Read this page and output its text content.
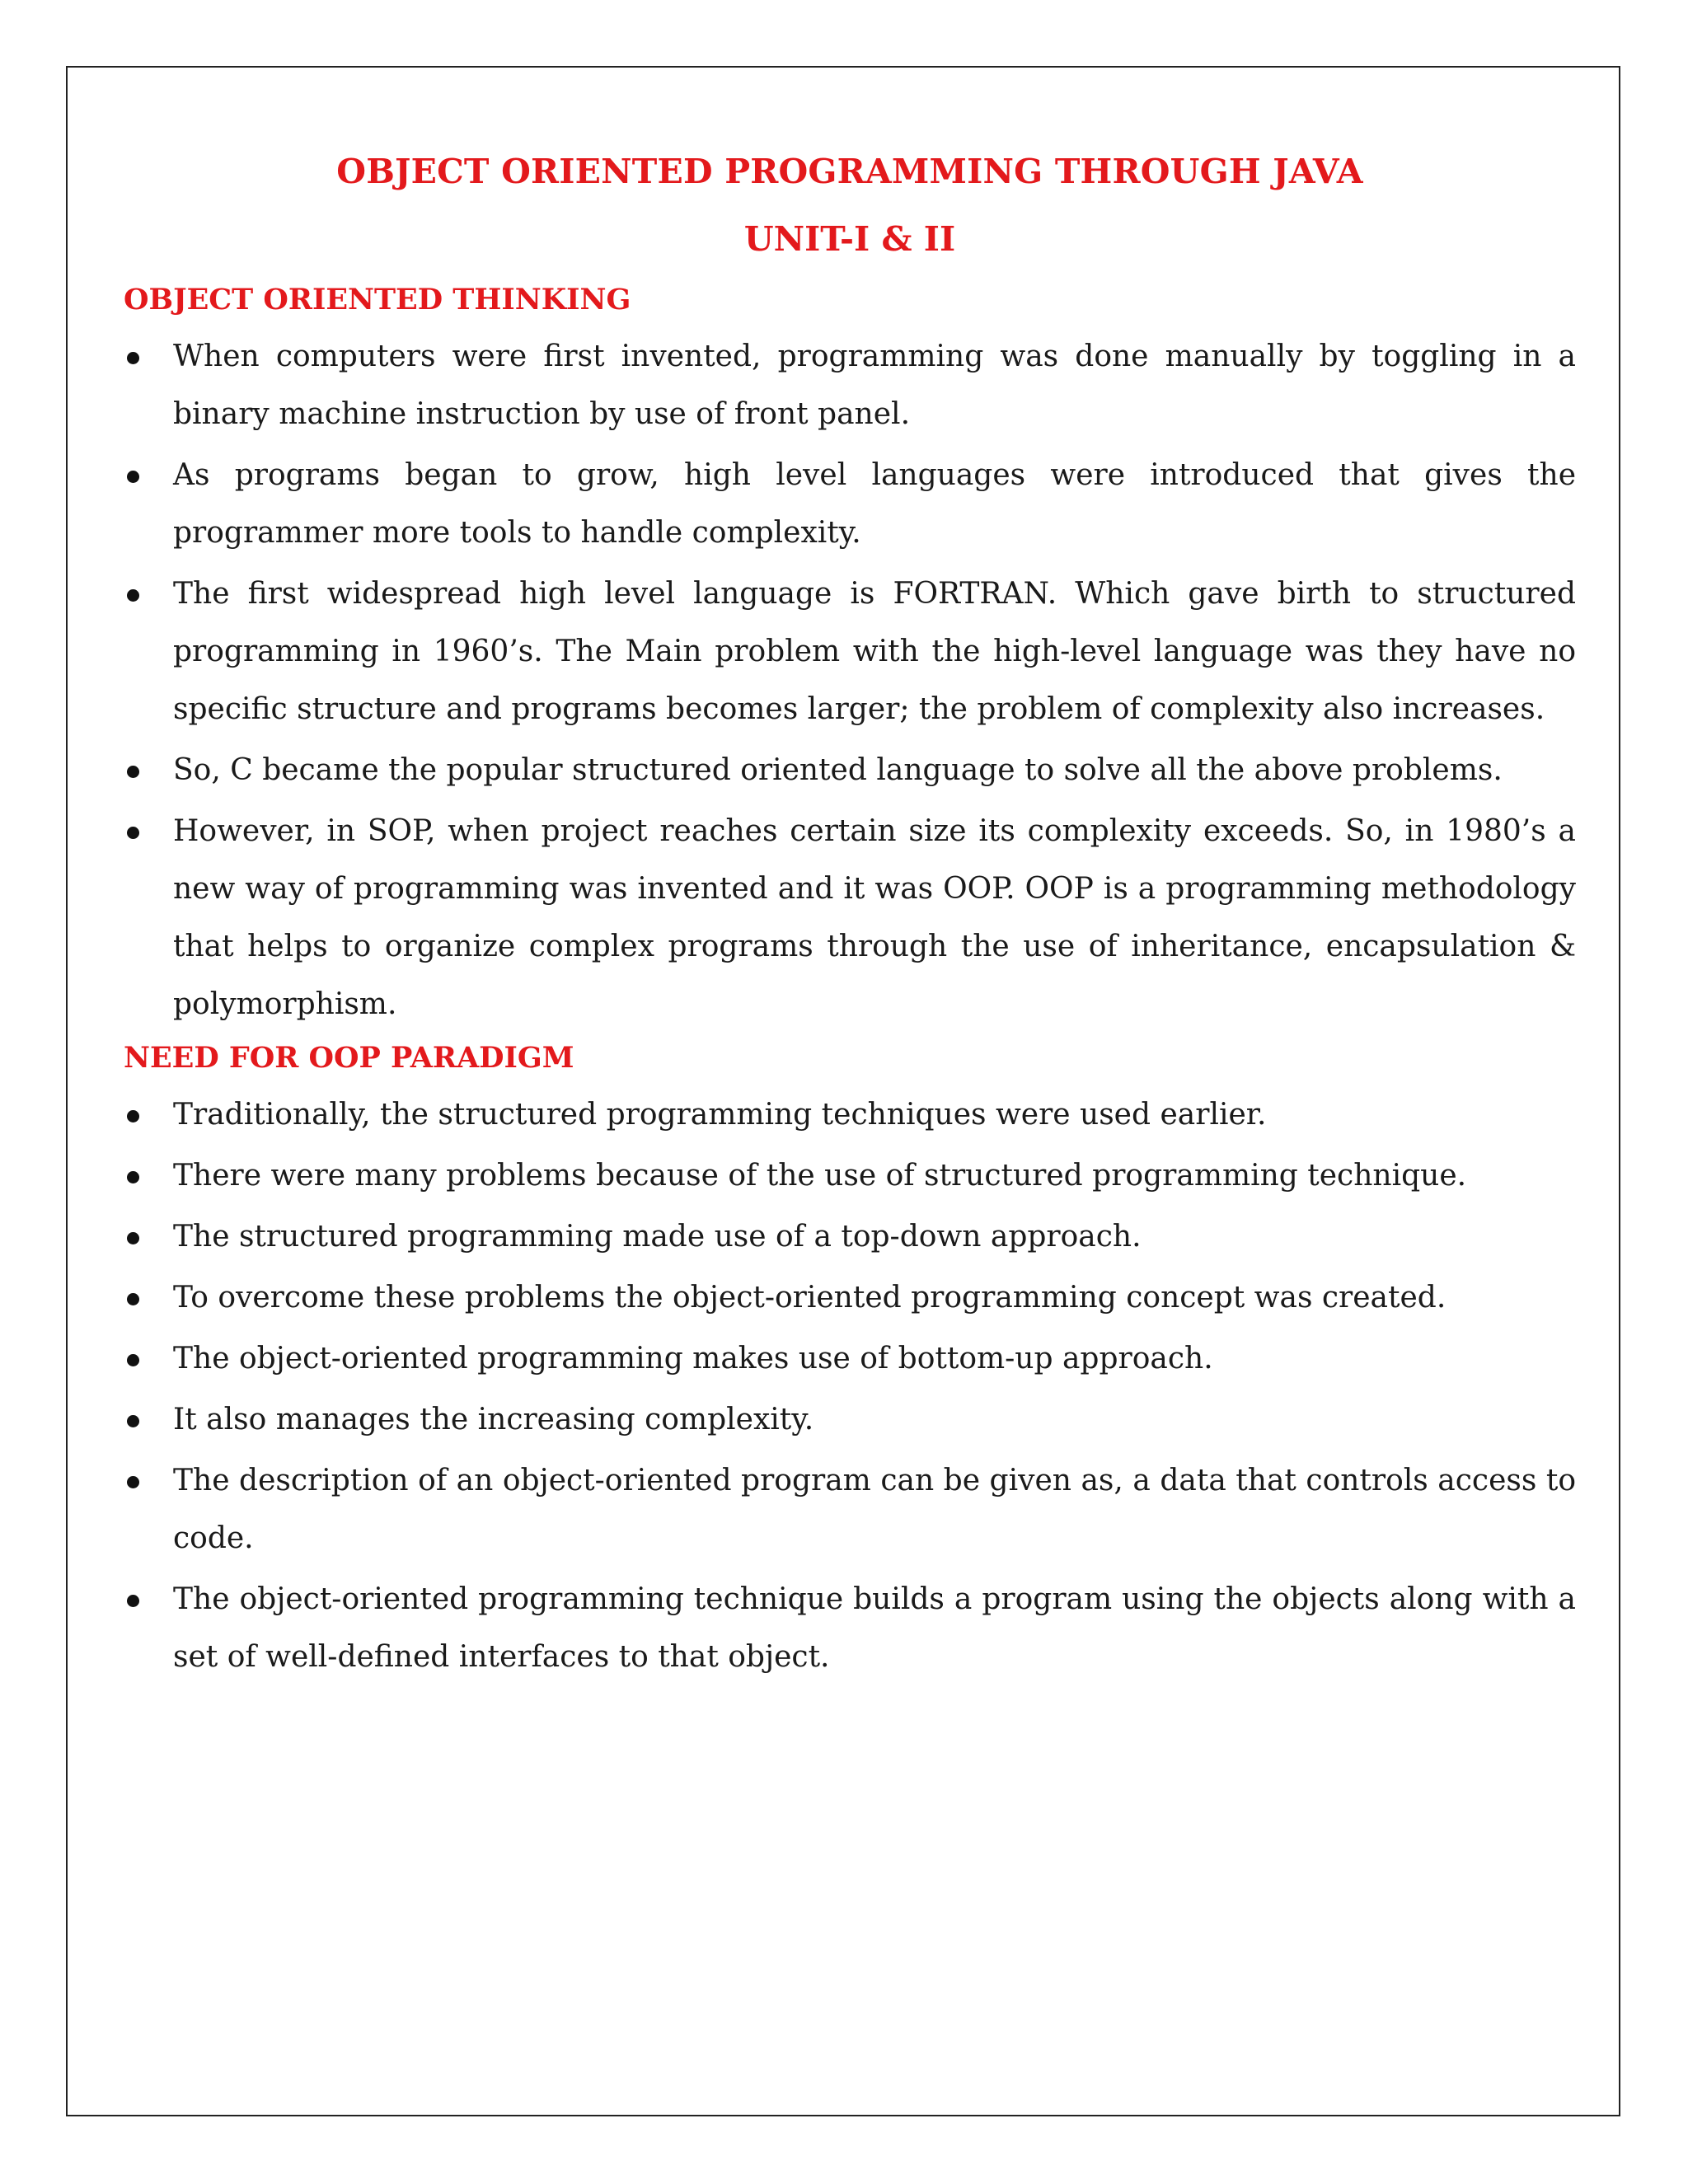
OBJECT ORIENTED PROGRAMMING THROUGH JAVA
UNIT-I & II
OBJECT ORIENTED THINKING
When computers were first invented, programming was done manually by toggling in a binary machine instruction by use of front panel.
As programs began to grow, high level languages were introduced that gives the programmer more tools to handle complexity.
The first widespread high level language is FORTRAN. Which gave birth to structured programming in 1960’s. The Main problem with the high-level language was they have no specific structure and programs becomes larger; the problem of complexity also increases.
So, C became the popular structured oriented language to solve all the above problems.
However, in SOP, when project reaches certain size its complexity exceeds. So, in 1980’s a new way of programming was invented and it was OOP. OOP is a programming methodology that helps to organize complex programs through the use of inheritance, encapsulation & polymorphism.
NEED FOR OOP PARADIGM
Traditionally, the structured programming techniques were used earlier.
There were many problems because of the use of structured programming technique.
The structured programming made use of a top-down approach.
To overcome these problems the object-oriented programming concept was created.
The object-oriented programming makes use of bottom-up approach.
It also manages the increasing complexity.
The description of an object-oriented program can be given as, a data that controls access to code.
The object-oriented programming technique builds a program using the objects along with a set of well-defined interfaces to that object.
